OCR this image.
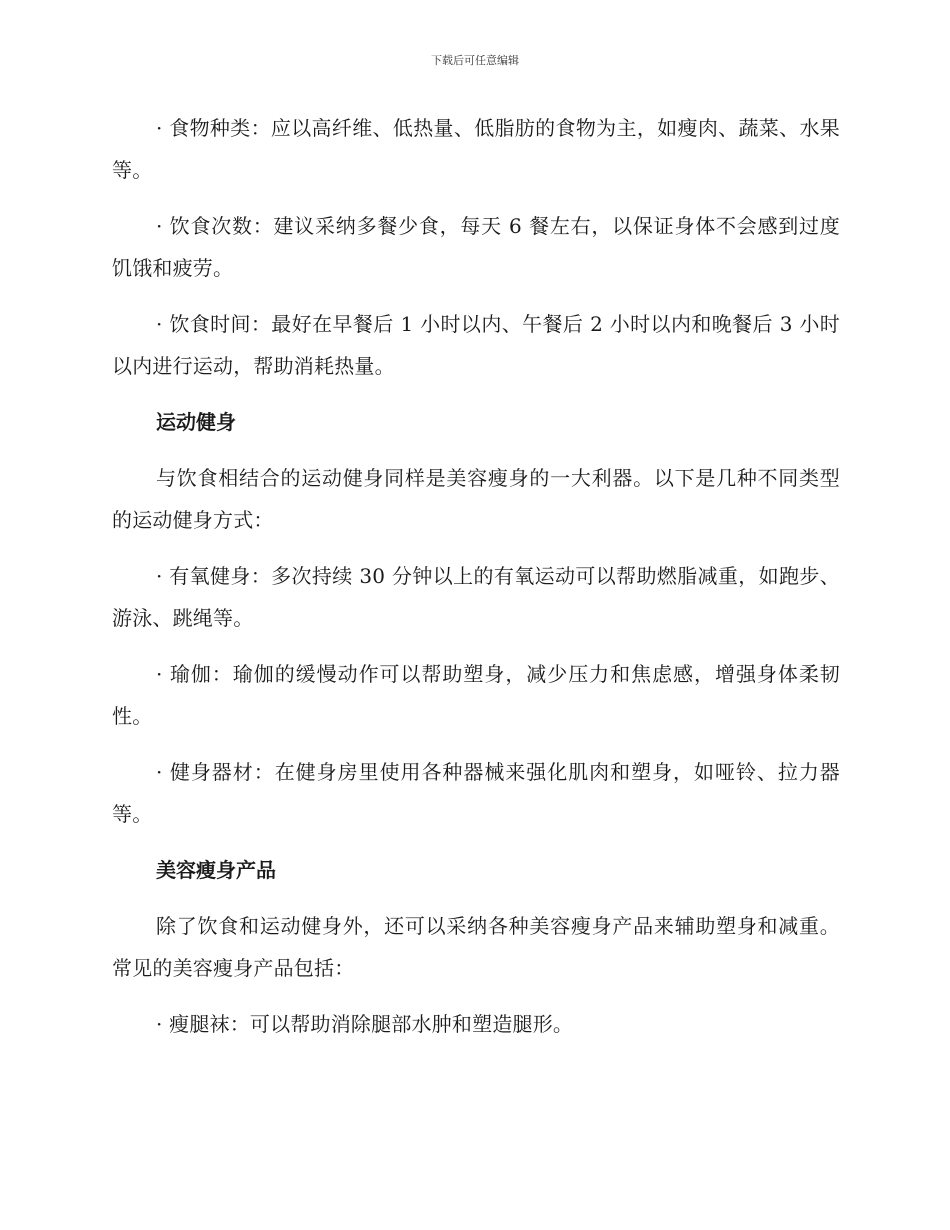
下载后可任意编辑

· 食物种类：应以高纤维、低热量、低脂肪的食物为主，如瘦肉、蔬菜、水果等。

· 饮食次数：建议采纳多餐少食，每天 6 餐左右，以保证身体不会感到过度饥饿和疲劳。

· 饮食时间：最好在早餐后 1 小时以内、午餐后 2 小时以内和晚餐后 3 小时以内进行运动，帮助消耗热量。

运动健身

与饮食相结合的运动健身同样是美容瘦身的一大利器。以下是几种不同类型的运动健身方式：

· 有氧健身：多次持续 30 分钟以上的有氧运动可以帮助燃脂减重，如跑步、游泳、跳绳等。

· 瑜伽：瑜伽的缓慢动作可以帮助塑身，减少压力和焦虑感，增强身体柔韧性。

· 健身器材：在健身房里使用各种器械来强化肌肉和塑身，如哑铃、拉力器等。

美容瘦身产品

除了饮食和运动健身外，还可以采纳各种美容瘦身产品来辅助塑身和减重。常见的美容瘦身产品包括：

· 瘦腿袜：可以帮助消除腿部水肿和塑造腿形。
